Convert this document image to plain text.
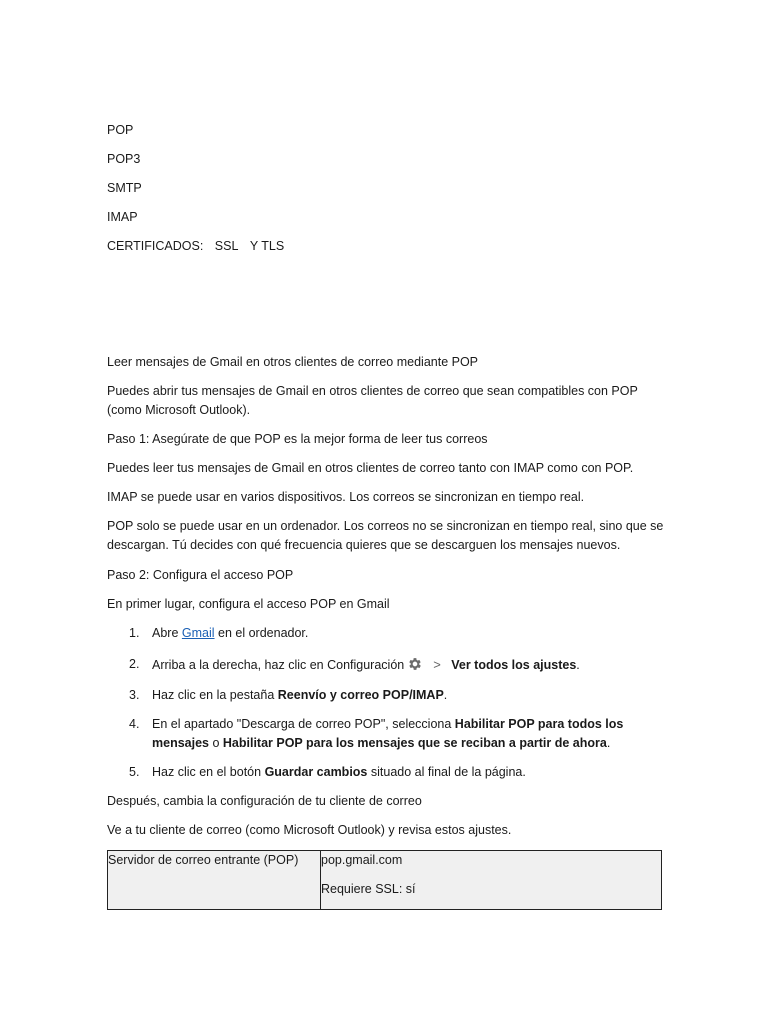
POP
POP3
SMTP
IMAP
CERTIFICADOS: SSL Y TLS
Leer mensajes de Gmail en otros clientes de correo mediante POP
Puedes abrir tus mensajes de Gmail en otros clientes de correo que sean compatibles con POP (como Microsoft Outlook).
Paso 1: Asegúrate de que POP es la mejor forma de leer tus correos
Puedes leer tus mensajes de Gmail en otros clientes de correo tanto con IMAP como con POP.
IMAP se puede usar en varios dispositivos. Los correos se sincronizan en tiempo real.
POP solo se puede usar en un ordenador. Los correos no se sincronizan en tiempo real, sino que se descargan. Tú decides con qué frecuencia quieres que se descarguen los mensajes nuevos.
Paso 2: Configura el acceso POP
En primer lugar, configura el acceso POP en Gmail
1.	Abre Gmail en el ordenador.
2.	Arriba a la derecha, haz clic en Configuración > Ver todos los ajustes.
3.	Haz clic en la pestaña Reenvío y correo POP/IMAP.
4.	En el apartado "Descarga de correo POP", selecciona Habilitar POP para todos los mensajes o Habilitar POP para los mensajes que se reciban a partir de ahora.
5.	Haz clic en el botón Guardar cambios situado al final de la página.
Después, cambia la configuración de tu cliente de correo
Ve a tu cliente de correo (como Microsoft Outlook) y revisa estos ajustes.
Servidor de correo entrante (POP)	pop.gmail.com
Requiere SSL: sí
